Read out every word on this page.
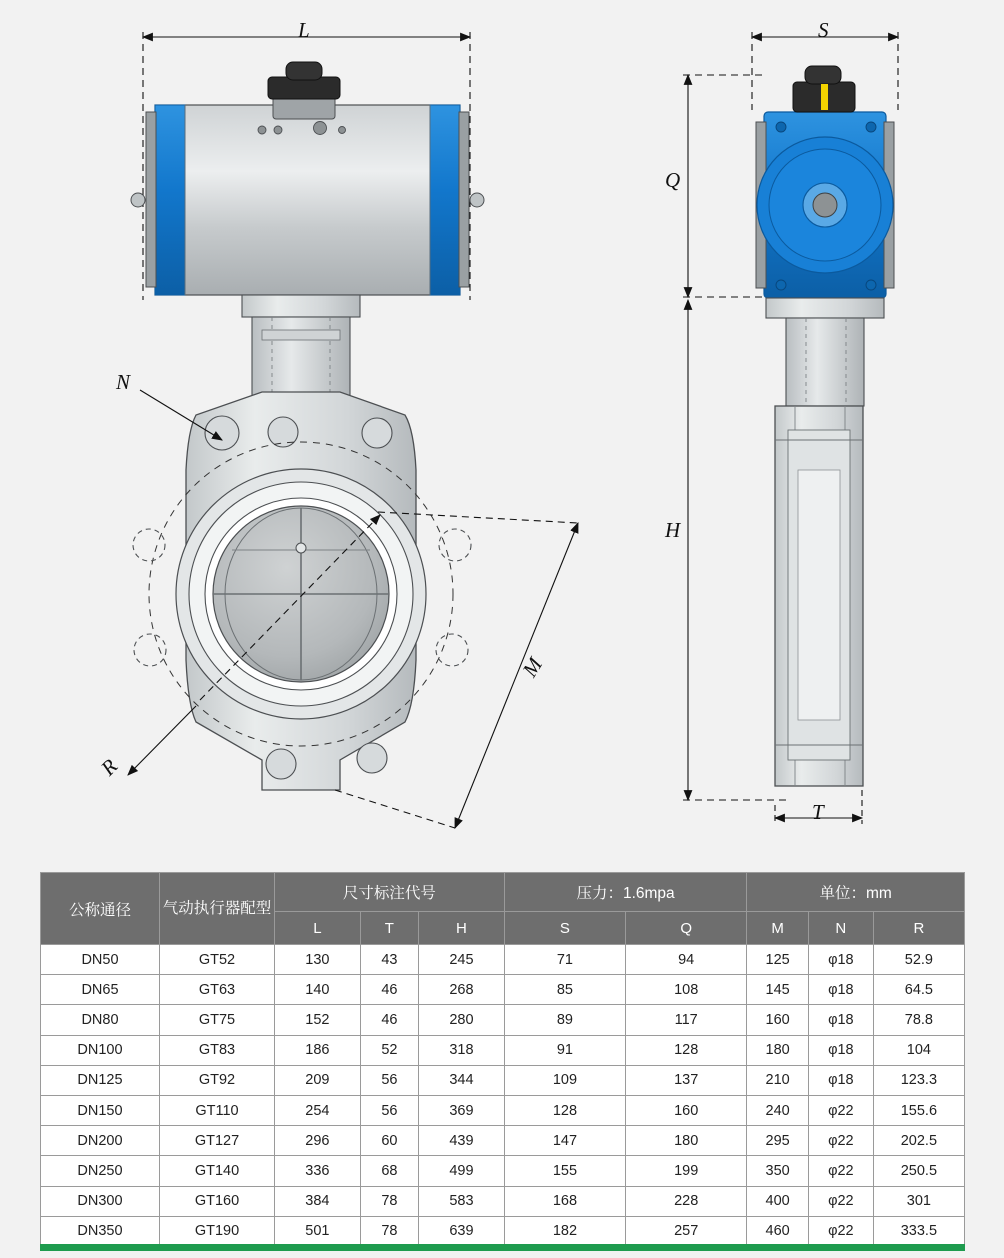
L
N
M
R
S
Q
H
T
公称通径	气动执行器配型	尺寸标注代号			压力：1.6mpa		单位：mm		
		L	T	H	S	Q	M	N	R
DN50	GT52	130	43	245	71	94	125	φ18	52.9
DN65	GT63	140	46	268	85	108	145	φ18	64.5
DN80	GT75	152	46	280	89	117	160	φ18	78.8
DN100	GT83	186	52	318	91	128	180	φ18	104
DN125	GT92	209	56	344	109	137	210	φ18	123.3
DN150	GT110	254	56	369	128	160	240	φ22	155.6
DN200	GT127	296	60	439	147	180	295	φ22	202.5
DN250	GT140	336	68	499	155	199	350	φ22	250.5
DN300	GT160	384	78	583	168	228	400	φ22	301
DN350	GT190	501	78	639	182	257	460	φ22	333.5
